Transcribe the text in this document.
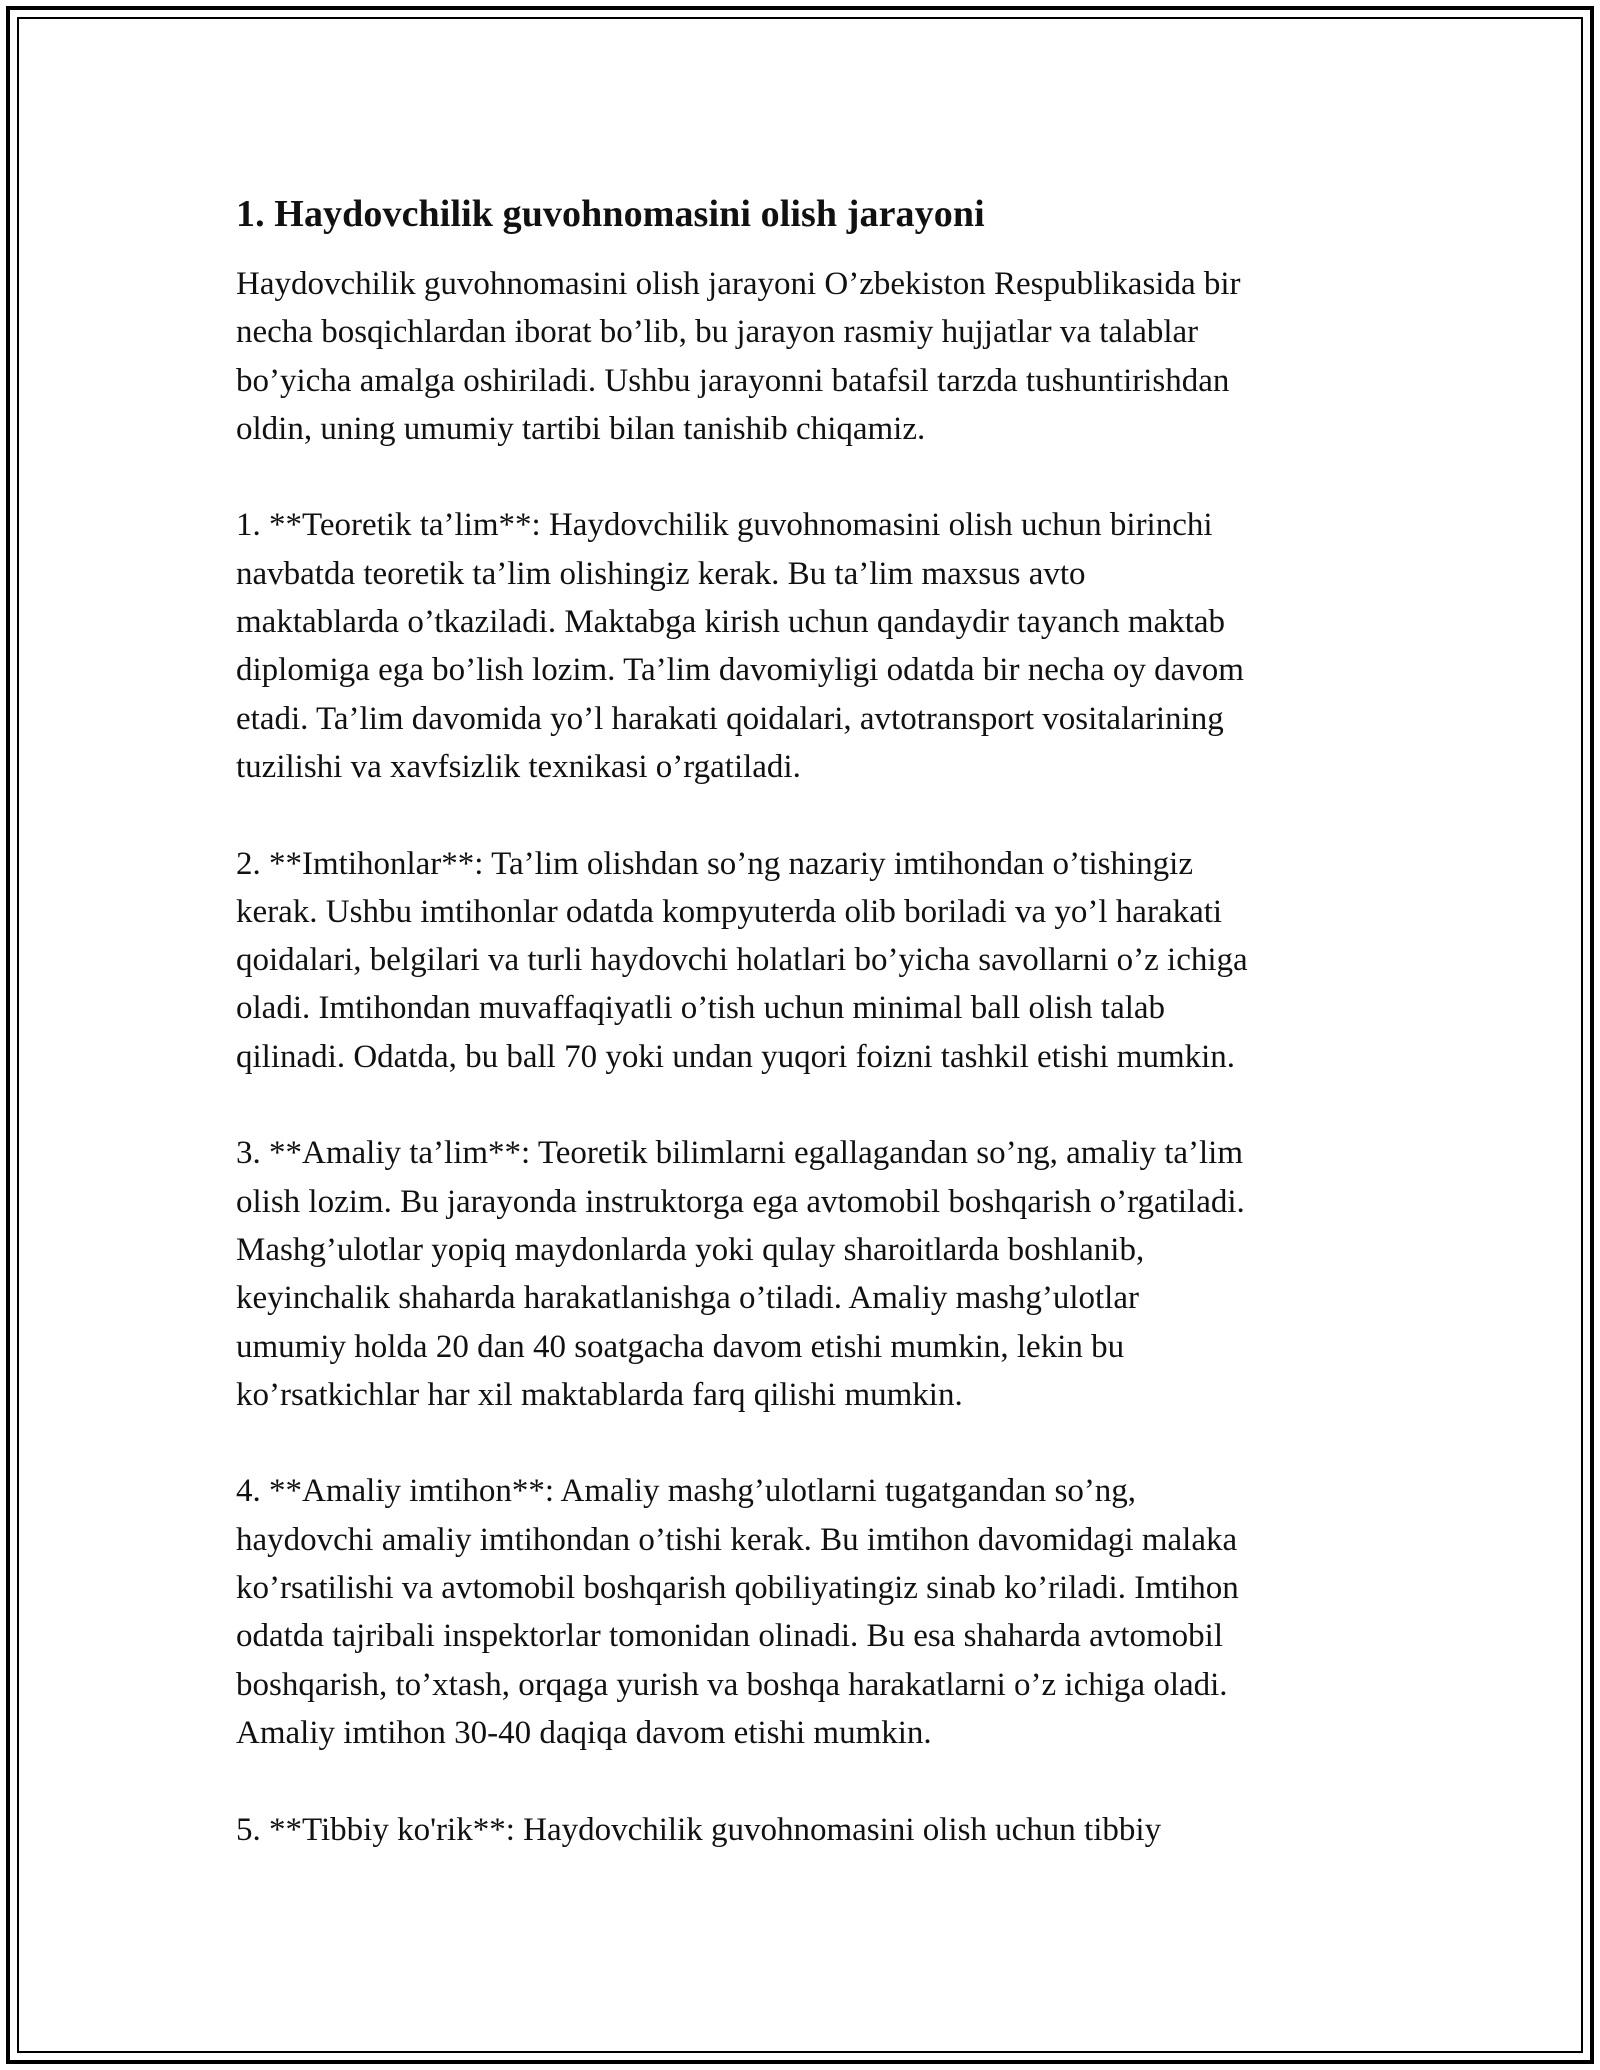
1. Haydovchilik guvohnomasini olish jarayoni

Haydovchilik guvohnomasini olish jarayoni O’zbekiston Respublikasida bir
necha bosqichlardan iborat bo’lib, bu jarayon rasmiy hujjatlar va talablar
bo’yicha amalga oshiriladi. Ushbu jarayonni batafsil tarzda tushuntirishdan
oldin, uning umumiy tartibi bilan tanishib chiqamiz.

1. **Teoretik ta’lim**: Haydovchilik guvohnomasini olish uchun birinchi
navbatda teoretik ta’lim olishingiz kerak. Bu ta’lim maxsus avto
maktablarda o’tkaziladi. Maktabga kirish uchun qandaydir tayanch maktab
diplomiga ega bo’lish lozim. Ta’lim davomiyligi odatda bir necha oy davom
etadi. Ta’lim davomida yo’l harakati qoidalari, avtotransport vositalarining
tuzilishi va xavfsizlik texnikasi o’rgatiladi.

2. **Imtihonlar**: Ta’lim olishdan so’ng nazariy imtihondan o’tishingiz
kerak. Ushbu imtihonlar odatda kompyuterda olib boriladi va yo’l harakati
qoidalari, belgilari va turli haydovchi holatlari bo’yicha savollarni o’z ichiga
oladi. Imtihondan muvaffaqiyatli o’tish uchun minimal ball olish talab
qilinadi. Odatda, bu ball 70 yoki undan yuqori foizni tashkil etishi mumkin.

3. **Amaliy ta’lim**: Teoretik bilimlarni egallagandan so’ng, amaliy ta’lim
olish lozim. Bu jarayonda instruktorga ega avtomobil boshqarish o’rgatiladi.
Mashg’ulotlar yopiq maydonlarda yoki qulay sharoitlarda boshlanib,
keyinchalik shaharda harakatlanishga o’tiladi. Amaliy mashg’ulotlar
umumiy holda 20 dan 40 soatgacha davom etishi mumkin, lekin bu
ko’rsatkichlar har xil maktablarda farq qilishi mumkin.

4. **Amaliy imtihon**: Amaliy mashg’ulotlarni tugatgandan so’ng,
haydovchi amaliy imtihondan o’tishi kerak. Bu imtihon davomidagi malaka
ko’rsatilishi va avtomobil boshqarish qobiliyatingiz sinab ko’riladi. Imtihon
odatda tajribali inspektorlar tomonidan olinadi. Bu esa shaharda avtomobil
boshqarish, to’xtash, orqaga yurish va boshqa harakatlarni o’z ichiga oladi.
Amaliy imtihon 30-40 daqiqa davom etishi mumkin.

5. **Tibbiy ko'rik**: Haydovchilik guvohnomasini olish uchun tibbiy
